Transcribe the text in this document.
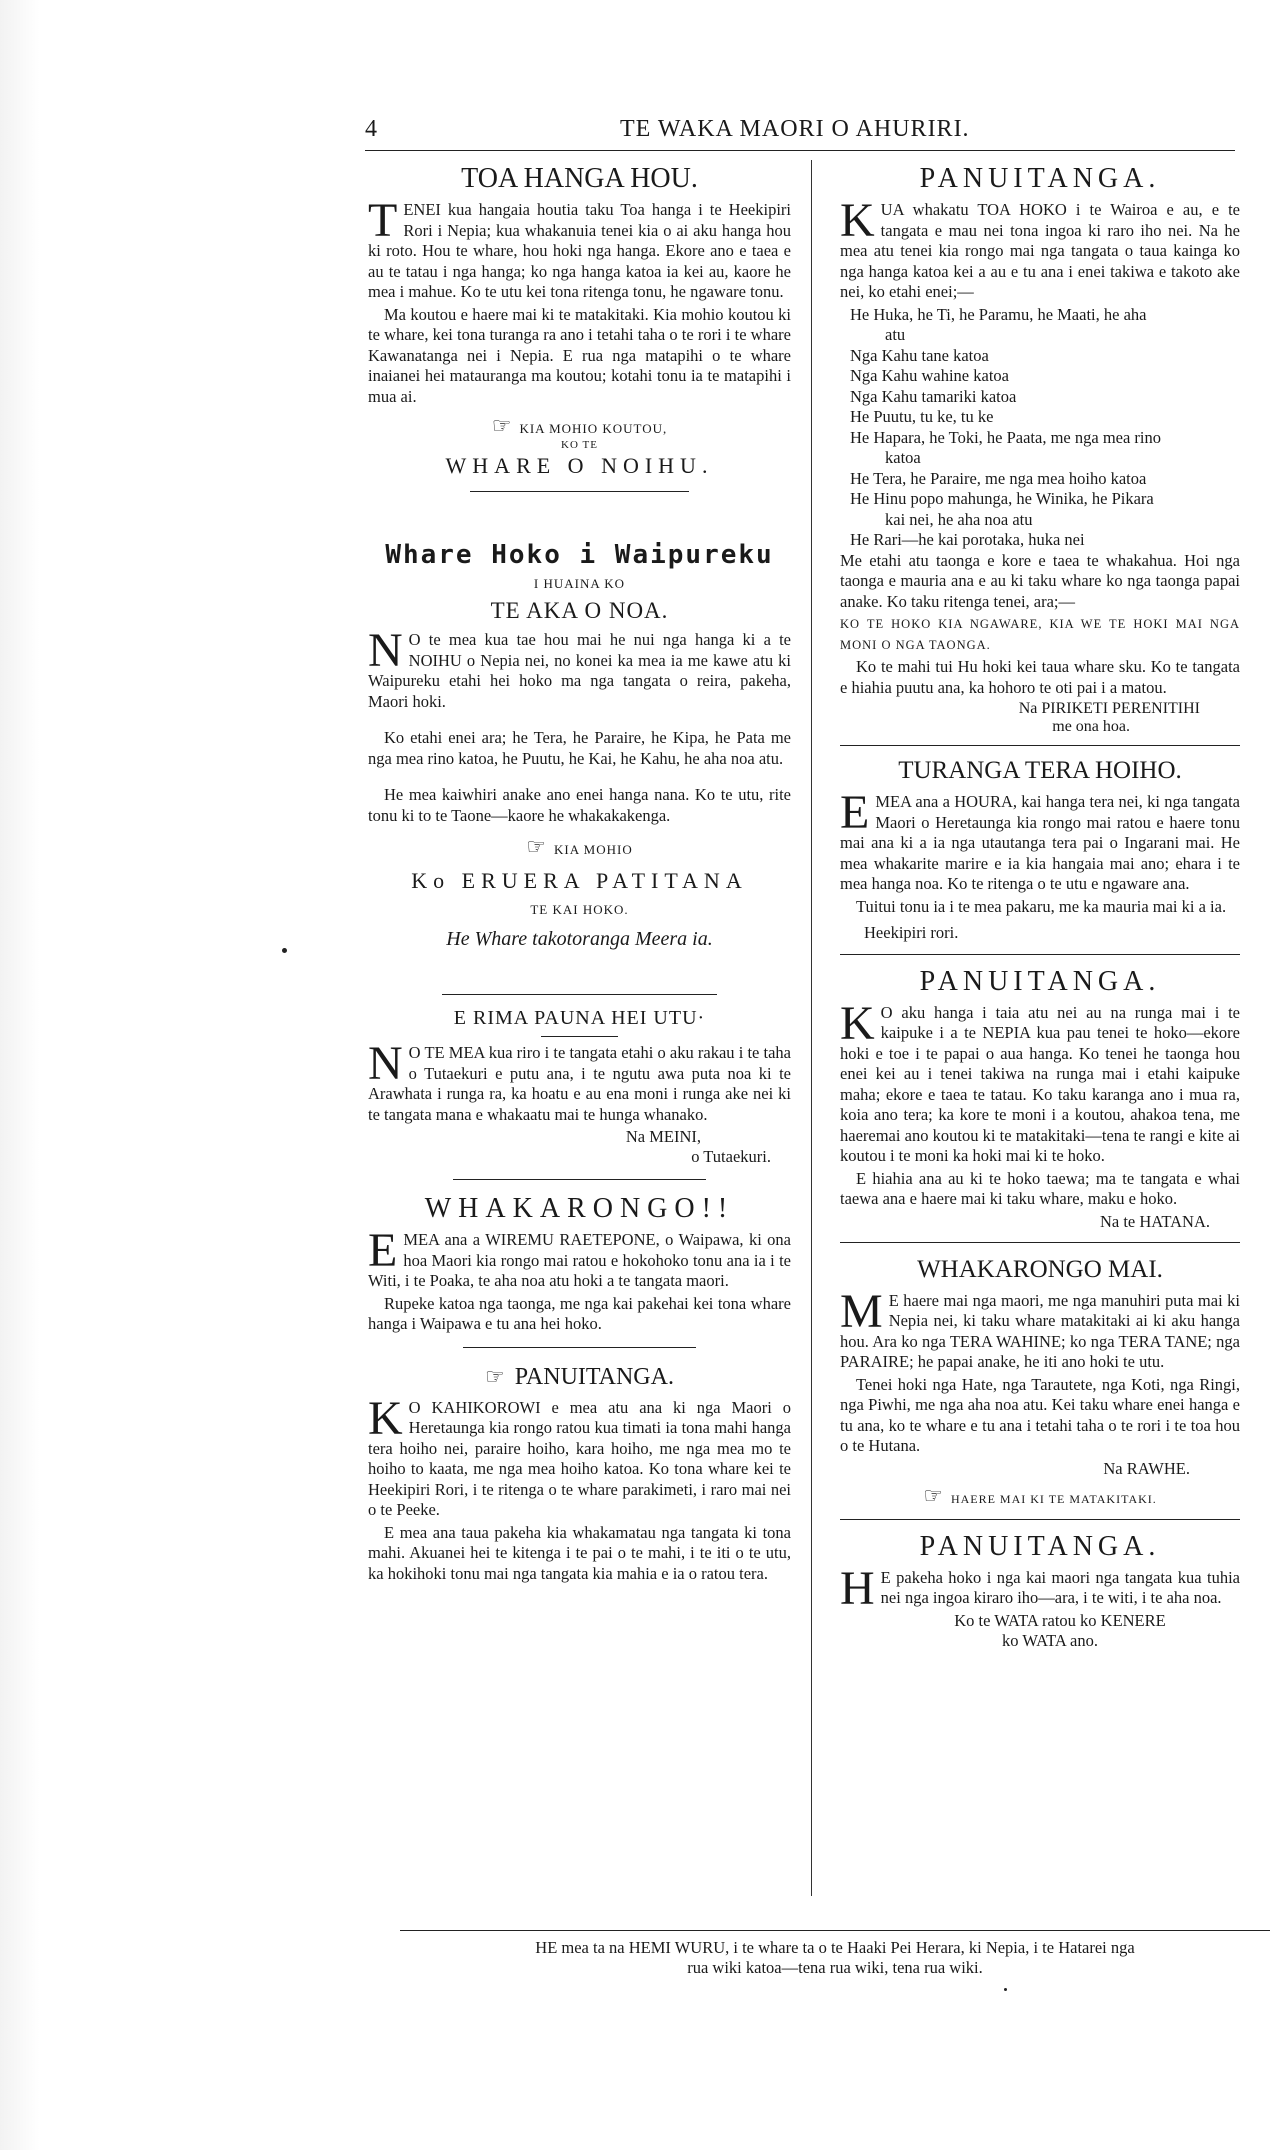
4	TE WAKA MAORI O AHURIRI.
TOA HANGA HOU.
T ENEI kua hangaia houtia taku Toa hanga i te Heekipiri Rori i Nepia; kua whakanuia tenei kia o ai aku hanga hou ki roto. Hou te whare, hou hoki nga hanga. Ekore ano e taea e au te tatau i nga hanga; ko nga hanga katoa ia kei au, kaore he mea i mahue. Ko te utu kei tona ritenga tonu, he ngaware tonu.
Ma koutou e haere mai ki te matakitaki. Kia mohio koutou ki te whare, kei tona turanga ra ano i tetahi taha o te rori i te whare Kawanatanga nei i Nepia. E rua nga matapihi o te whare inaianei hei matauranga ma koutou; kotahi tonu ia te matapihi i mua ai.
☞ KIA MOHIO KOUTOU,
KO TE
WHARE O NOIHU.
Whare Hoko i Waipureku
I HUAINA KO
TE AKA O NOA.
N O te mea kua tae hou mai he nui nga hanga ki a te NOIHU o Nepia nei, no konei ka mea ia me kawe atu ki Waipureku etahi hei hoko ma nga tangata o reira, pakeha, Maori hoki.
Ko etahi enei ara; he Tera, he Paraire, he Kipa, he Pata me nga mea rino katoa, he Puutu, he Kai, he Kahu, he aha noa atu.
He mea kaiwhiri anake ano enei hanga nana. Ko te utu, rite tonu ki to te Taone—kaore he whakakakenga.
☞ KIA MOHIO
Ko ERUERA PATITANA
TE KAI HOKO.
He Whare takotoranga Meera ia.
E RIMA PAUNA HEI UTU·
N O TE MEA kua riro i te tangata etahi o aku rakau i te taha o Tutaekuri e putu ana, i te ngutu awa puta noa ki te Arawhata i runga ra, ka hoatu e au ena moni i runga ake nei ki te tangata mana e whakaatu mai te hunga whanako.
Na MEINI,
o Tutaekuri.
WHAKARONGO!!
E MEA ana a WIREMU RAETEPONE, o Waipawa, ki ona hoa Maori kia rongo mai ratou e hokohoko tonu ana ia i te Witi, i te Poaka, te aha noa atu hoki a te tangata maori.
Rupeke katoa nga taonga, me nga kai pakehai kei tona whare hanga i Waipawa e tu ana hei hoko.
☞ PANUITANGA.
K O KAHIKOROWI e mea atu ana ki nga Maori o Heretaunga kia rongo ratou kua timati ia tona mahi hanga tera hoiho nei, paraire hoiho, kara hoiho, me nga mea mo te hoiho to kaata, me nga mea hoiho katoa. Ko tona whare kei te Heekipiri Rori, i te ritenga o te whare parakimeti, i raro mai nei o te Peeke.
E mea ana taua pakeha kia whakamatau nga tangata ki tona mahi. Akuanei hei te kitenga i te pai o te mahi, i te iti o te utu, ka hokihoki tonu mai nga tangata kia mahia e ia o ratou tera.
PANUITANGA.
K UA whakatu TOA HOKO i te Wairoa e au, e te tangata e mau nei tona ingoa ki raro iho nei. Na he mea atu tenei kia rongo mai nga tangata o taua kainga ko nga hanga katoa kei a au e tu ana i enei takiwa e takoto ake nei, ko etahi enei;—
He Huka, he Ti, he Paramu, he Maati, he aha
atu
Nga Kahu tane katoa
Nga Kahu wahine katoa
Nga Kahu tamariki katoa
He Puutu, tu ke, tu ke
He Hapara, he Toki, he Paata, me nga mea rino
katoa
He Tera, he Paraire, me nga mea hoiho katoa
He Hinu popo mahunga, he Winika, he Pikara
kai nei, he aha noa atu
He Rari—he kai porotaka, huka nei
Me etahi atu taonga e kore e taea te whakahua. Hoi nga taonga e mauria ana e au ki taku whare ko nga taonga papai anake. Ko taku ritenga tenei, ara;—
KO TE HOKO KIA NGAWARE, KIA WE TE HOKI MAI NGA MONI O NGA TAONGA.
Ko te mahi tui Hu hoki kei taua whare sku. Ko te tangata e hiahia puutu ana, ka hohoro te oti pai i a matou.
Na PIRIKETI PERENITIHI
me ona hoa.
TURANGA TERA HOIHO.
E MEA ana a HOURA, kai hanga tera nei, ki nga tangata Maori o Heretaunga kia rongo mai ratou e haere tonu mai ana ki a ia nga utautanga tera pai o Ingarani mai. He mea whakarite marire e ia kia hangaia mai ano; ehara i te mea hanga noa. Ko te ritenga o te utu e ngaware ana.
Tuitui tonu ia i te mea pakaru, me ka mauria mai ki a ia.
Heekipiri rori.
PANUITANGA.
K O aku hanga i taia atu nei au na runga mai i te kaipuke i a te NEPIA kua pau tenei te hoko—ekore hoki e toe i te papai o aua hanga. Ko tenei he taonga hou enei kei au i tenei takiwa na runga mai i etahi kaipuke maha; ekore e taea te tatau. Ko taku karanga ano i mua ra, koia ano tera; ka kore te moni i a koutou, ahakoa tena, me haeremai ano koutou ki te matakitaki—tena te rangi e kite ai koutou i te moni ka hoki mai ki te hoko.
E hiahia ana au ki te hoko taewa; ma te tangata e whai taewa ana e haere mai ki taku whare, maku e hoko.
Na te HATANA.
WHAKARONGO MAI.
M E haere mai nga maori, me nga manuhiri puta mai ki Nepia nei, ki taku whare matakitaki ai ki aku hanga hou. Ara ko nga TERA WAHINE; ko nga TERA TANE; nga PARAIRE; he papai anake, he iti ano hoki te utu.
Tenei hoki nga Hate, nga Tarautete, nga Koti, nga Ringi, nga Piwhi, me nga aha noa atu. Kei taku whare enei hanga e tu ana, ko te whare e tu ana i tetahi taha o te rori i te toa hou o te Hutana.
Na RAWHE.
☞ HAERE MAI KI TE MATAKITAKI.
PANUITANGA.
H E pakeha hoko i nga kai maori nga tangata kua tuhia nei nga ingoa kiraro iho—ara, i te witi, i te aha noa.
Ko te WATA ratou ko KENERE
ko WATA ano.
HE mea ta na HEMI WURU, i te whare ta o te Haaki Pei Herara, ki Nepia, i te Hatarei nga
rua wiki katoa—tena rua wiki, tena rua wiki.
